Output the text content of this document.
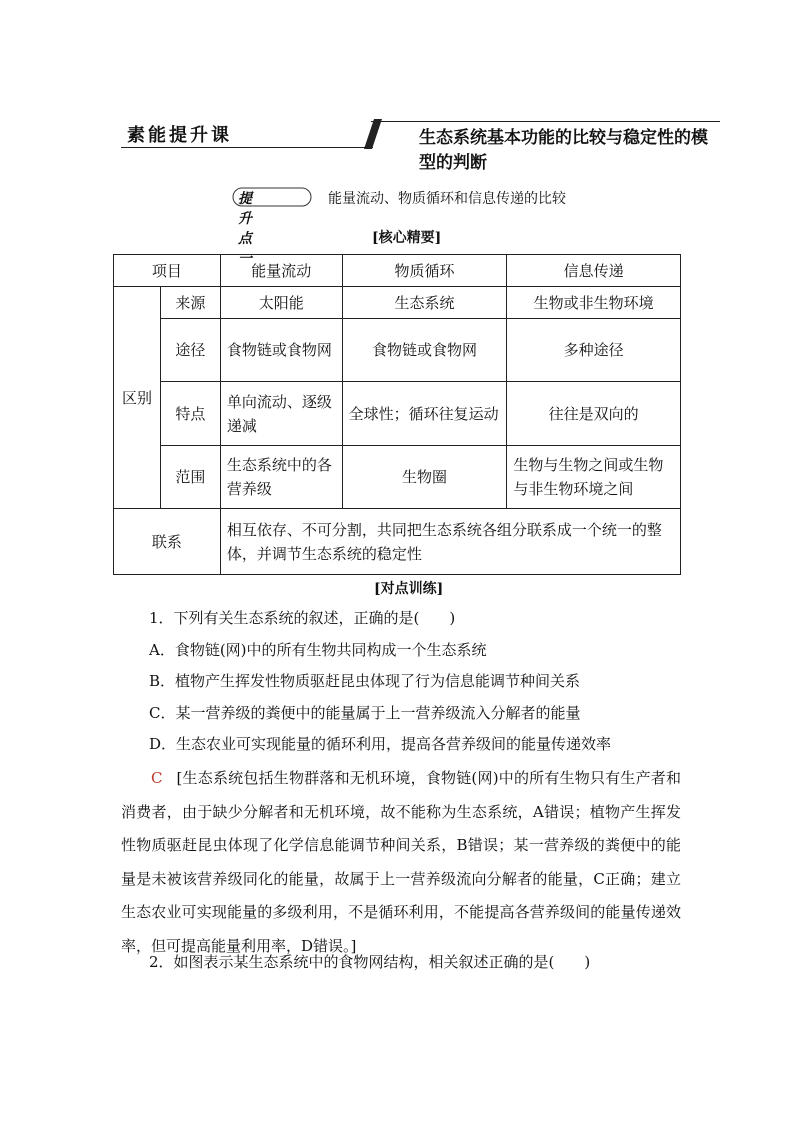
素能提升课	生态系统基本功能的比较与稳定性的模型的判断
提升点一
能量流动、物质循环和信息传递的比较
[核心精要]
项目		能量流动	物质循环	信息传递
区别	来源	太阳能	生态系统	生物或非生物环境
	途径	食物链或食物网	食物链或食物网	多种途径
	特点	单向流动、逐级递减	全球性；循环往复运动	往往是双向的
	范围	生态系统中的各营养级	生物圈	生物与生物之间或生物与非生物环境之间
联系		相互依存、不可分割，共同把生态系统各组分联系成一个统一的整体，并调节生态系统的稳定性		
[对点训练]
1．下列有关生态系统的叙述，正确的是(　　)
A．食物链(网)中的所有生物共同构成一个生态系统
B．植物产生挥发性物质驱赶昆虫体现了行为信息能调节种间关系
C．某一营养级的粪便中的能量属于上一营养级流入分解者的能量
D．生态农业可实现能量的循环利用，提高各营养级间的能量传递效率
C [生态系统包括生物群落和无机环境，食物链(网)中的所有生物只有生产者和消费者，由于缺少分解者和无机环境，故不能称为生态系统，A错误；植物产生挥发性物质驱赶昆虫体现了化学信息能调节种间关系，B错误；某一营养级的粪便中的能量是未被该营养级同化的能量，故属于上一营养级流向分解者的能量，C正确；建立生态农业可实现能量的多级利用，不是循环利用，不能提高各营养级间的能量传递效率，但可提高能量利用率，D错误。]
2．如图表示某生态系统中的食物网结构，相关叙述正确的是(　　)
